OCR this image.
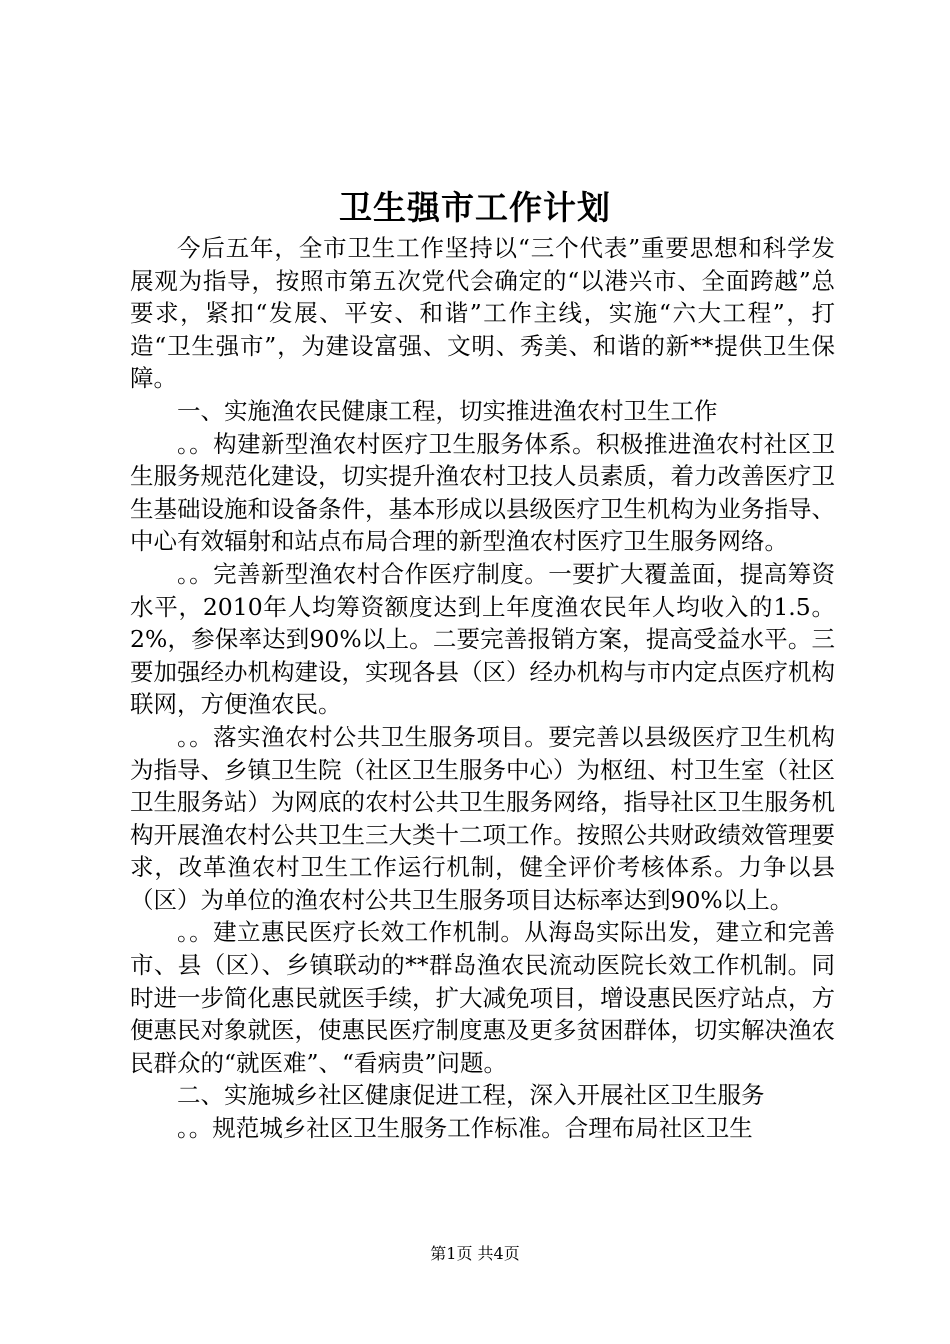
卫生强市工作计划

今后五年，全市卫生工作坚持以“三个代表”重要思想和科学发展观为指导，按照市第五次党代会确定的“以港兴市、全面跨越”总要求，紧扣“发展、平安、和谐”工作主线，实施“六大工程”，打造“卫生强市”，为建设富强、文明、秀美、和谐的新**提供卫生保障。

一、实施渔农民健康工程，切实推进渔农村卫生工作

。。构建新型渔农村医疗卫生服务体系。积极推进渔农村社区卫生服务规范化建设，切实提升渔农村卫技人员素质，着力改善医疗卫生基础设施和设备条件，基本形成以县级医疗卫生机构为业务指导、中心有效辐射和站点布局合理的新型渔农村医疗卫生服务网络。

。。完善新型渔农村合作医疗制度。一要扩大覆盖面，提高筹资水平，2010年人均筹资额度达到上年度渔农民年人均收入的1.5。2%，参保率达到90%以上。二要完善报销方案，提高受益水平。三要加强经办机构建设，实现各县（区）经办机构与市内定点医疗机构联网，方便渔农民。

。。落实渔农村公共卫生服务项目。要完善以县级医疗卫生机构为指导、乡镇卫生院（社区卫生服务中心）为枢纽、村卫生室（社区卫生服务站）为网底的农村公共卫生服务网络，指导社区卫生服务机构开展渔农村公共卫生三大类十二项工作。按照公共财政绩效管理要求，改革渔农村卫生工作运行机制，健全评价考核体系。力争以县（区）为单位的渔农村公共卫生服务项目达标率达到90%以上。

。。建立惠民医疗长效工作机制。从海岛实际出发，建立和完善市、县（区）、乡镇联动的**群岛渔农民流动医院长效工作机制。同时进一步简化惠民就医手续，扩大减免项目，增设惠民医疗站点，方便惠民对象就医，使惠民医疗制度惠及更多贫困群体，切实解决渔农民群众的“就医难”、“看病贵”问题。

二、实施城乡社区健康促进工程，深入开展社区卫生服务

。。规范城乡社区卫生服务工作标准。合理布局社区卫生

第1页 共4页
